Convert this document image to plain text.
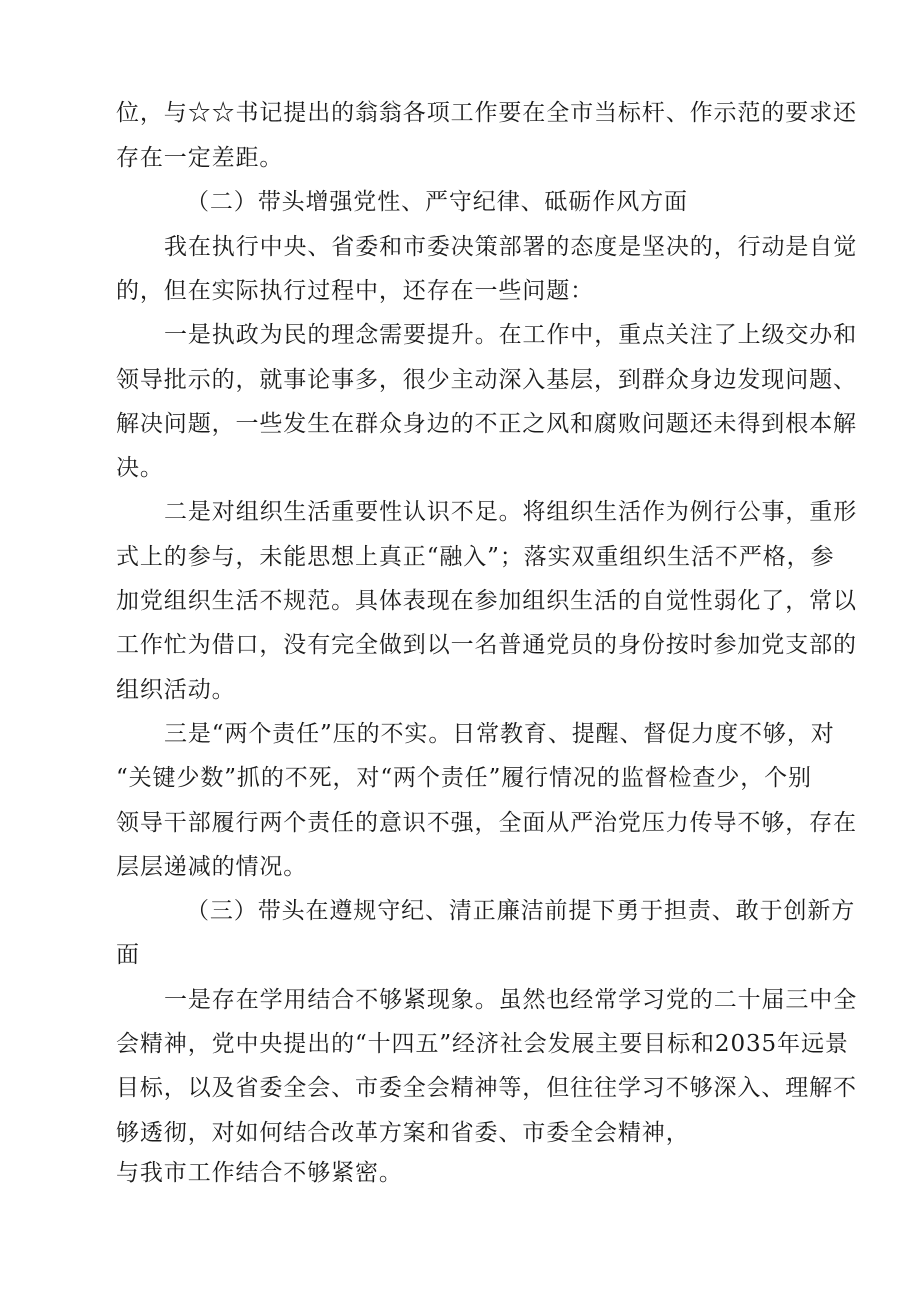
位，与☆☆书记提出的翁翁各项工作要在全市当标杆、作示范的要求还

存在一定差距。

（二）带头增强党性、严守纪律、砥砺作风方面

我在执行中央、省委和市委决策部署的态度是坚决的，行动是自觉

的，但在实际执行过程中，还存在一些问题：

一是执政为民的理念需要提升。在工作中，重点关注了上级交办和

领导批示的，就事论事多，很少主动深入基层，到群众身边发现问题、

解决问题，一些发生在群众身边的不正之风和腐败问题还未得到根本解

决。

二是对组织生活重要性认识不足。将组织生活作为例行公事，重形

式上的参与，未能思想上真正“融入”；落实双重组织生活不严格，参

加党组织生活不规范。具体表现在参加组织生活的自觉性弱化了，常以

工作忙为借口，没有完全做到以一名普通党员的身份按时参加党支部的

组织活动。

三是“两个责任”压的不实。日常教育、提醒、督促力度不够，对

“关键少数”抓的不死，对“两个责任”履行情况的监督检查少，个别

领导干部履行两个责任的意识不强，全面从严治党压力传导不够，存在

层层递减的情况。

（三）带头在遵规守纪、清正廉洁前提下勇于担责、敢于创新方

面

一是存在学用结合不够紧现象。虽然也经常学习党的二十届三中全

会精神，党中央提出的“十四五”经济社会发展主要目标和2035年远景

目标，以及省委全会、市委全会精神等，但往往学习不够深入、理解不

够透彻，对如何结合改革方案和省委、市委全会精神，

与我市工作结合不够紧密。
